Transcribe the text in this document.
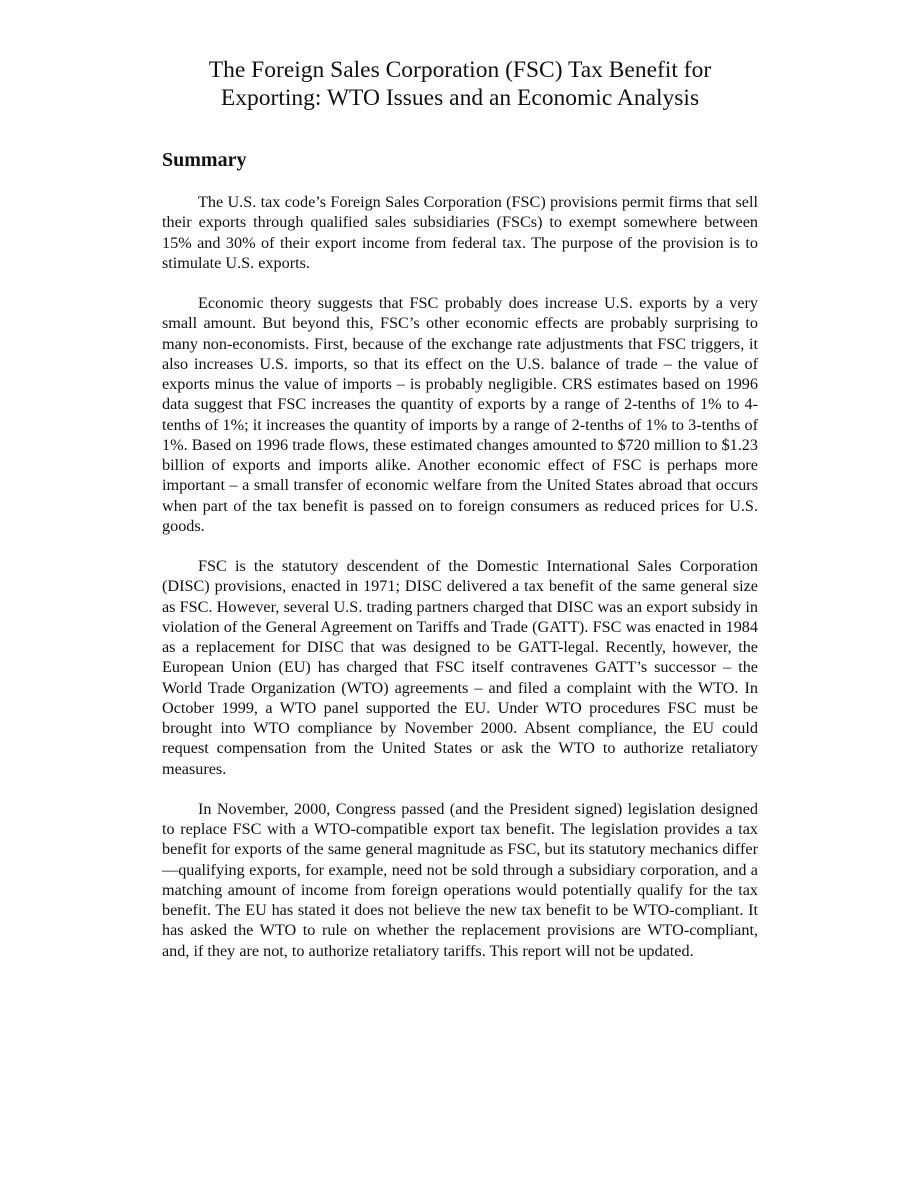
The Foreign Sales Corporation (FSC) Tax Benefit for
Exporting: WTO Issues and an Economic Analysis
Summary

The U.S. tax code’s Foreign Sales Corporation (FSC) provisions permit firms that sell their exports through qualified sales subsidiaries (FSCs) to exempt somewhere between 15% and 30% of their export income from federal tax. The purpose of the provision is to stimulate U.S. exports.

Economic theory suggests that FSC probably does increase U.S. exports by a very small amount. But beyond this, FSC’s other economic effects are probably surprising to many non-economists. First, because of the exchange rate adjustments that FSC triggers, it also increases U.S. imports, so that its effect on the U.S. balance of trade – the value of exports minus the value of imports – is probably negligible. CRS estimates based on 1996 data suggest that FSC increases the quantity of exports by a range of 2-tenths of 1% to 4-tenths of 1%; it increases the quantity of imports by a range of 2-tenths of 1% to 3-tenths of 1%. Based on 1996 trade flows, these estimated changes amounted to $720 million to $1.23 billion of exports and imports alike. Another economic effect of FSC is perhaps more important – a small transfer of economic welfare from the United States abroad that occurs when part of the tax benefit is passed on to foreign consumers as reduced prices for U.S. goods.

FSC is the statutory descendent of the Domestic International Sales Corporation (DISC) provisions, enacted in 1971; DISC delivered a tax benefit of the same general size as FSC. However, several U.S. trading partners charged that DISC was an export subsidy in violation of the General Agreement on Tariffs and Trade (GATT). FSC was enacted in 1984 as a replacement for DISC that was designed to be GATT-legal. Recently, however, the European Union (EU) has charged that FSC itself contravenes GATT’s successor – the World Trade Organization (WTO) agreements – and filed a complaint with the WTO. In October 1999, a WTO panel supported the EU. Under WTO procedures FSC must be brought into WTO compliance by November 2000. Absent compliance, the EU could request compensation from the United States or ask the WTO to authorize retaliatory measures.

In November, 2000, Congress passed (and the President signed) legislation designed to replace FSC with a WTO-compatible export tax benefit. The legislation provides a tax benefit for exports of the same general magnitude as FSC, but its statutory mechanics differ—qualifying exports, for example, need not be sold through a subsidiary corporation, and a matching amount of income from foreign operations would potentially qualify for the tax benefit. The EU has stated it does not believe the new tax benefit to be WTO-compliant. It has asked the WTO to rule on whether the replacement provisions are WTO-compliant, and, if they are not, to authorize retaliatory tariffs. This report will not be updated.
